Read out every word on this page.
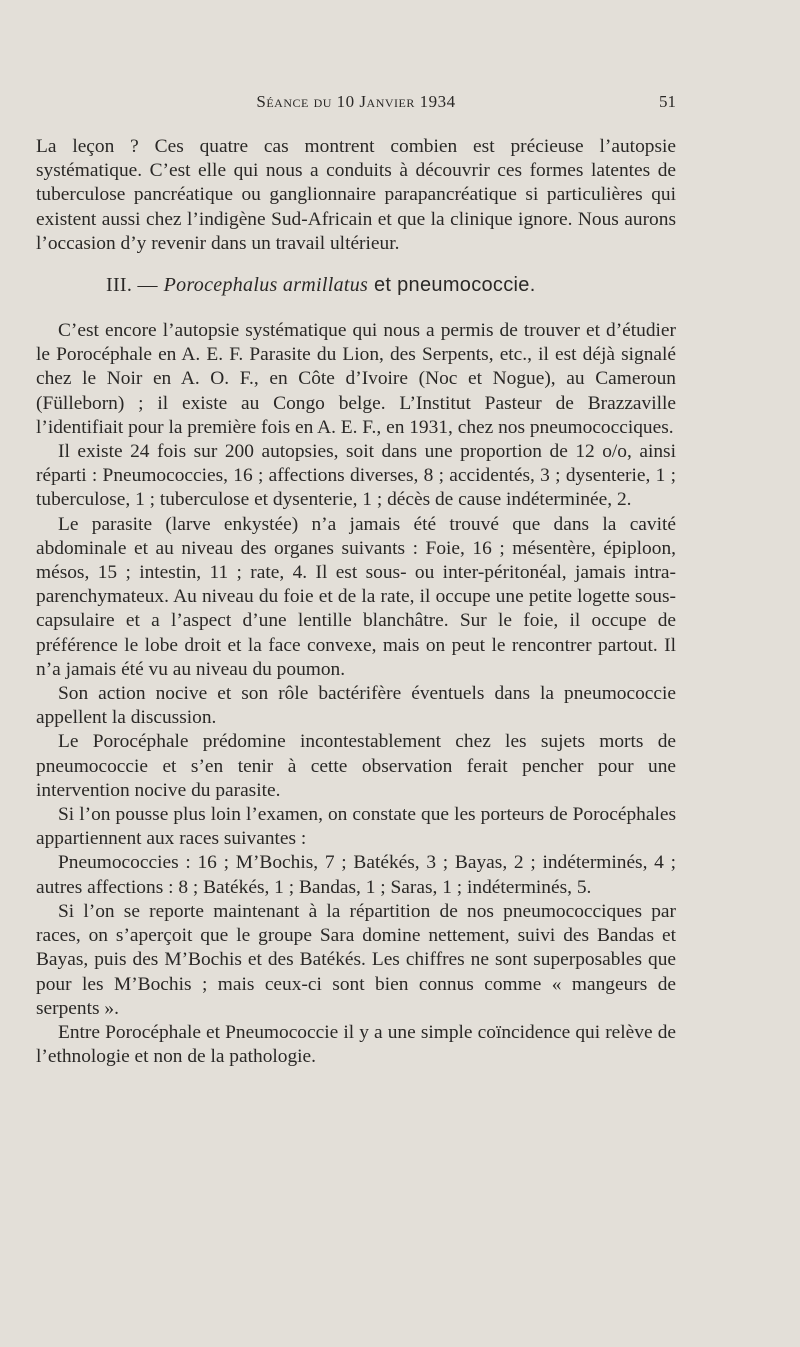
Séance du 10 Janvier 1934	51

La leçon ? Ces quatre cas montrent combien est précieuse l’autopsie systématique. C’est elle qui nous a conduits à découvrir ces formes latentes de tuberculose pancréatique ou ganglionnaire parapancréatique si particulières qui existent aussi chez l’indigène Sud-Africain et que la clinique ignore. Nous aurons l’occasion d’y revenir dans un travail ultérieur.

III. — Porocephalus armillatus et pneumococcie.

C’est encore l’autopsie systématique qui nous a permis de trouver et d’étudier le Porocéphale en A. E. F. Parasite du Lion, des Serpents, etc., il est déjà signalé chez le Noir en A. O. F., en Côte d’Ivoire (Noc et Nogue), au Cameroun (Fülleborn) ; il existe au Congo belge. L’Institut Pasteur de Brazzaville l’identifiait pour la première fois en A. E. F., en 1931, chez nos pneumococciques.

Il existe 24 fois sur 200 autopsies, soit dans une proportion de 12 o/o, ainsi réparti : Pneumococcies, 16 ; affections diverses, 8 ; accidentés, 3 ; dysenterie, 1 ; tuberculose, 1 ; tuberculose et dysenterie, 1 ; décès de cause indéterminée, 2.

Le parasite (larve enkystée) n’a jamais été trouvé que dans la cavité abdominale et au niveau des organes suivants : Foie, 16 ; mésentère, épiploon, mésos, 15 ; intestin, 11 ; rate, 4. Il est sous- ou inter-péritonéal, jamais intra-parenchymateux. Au niveau du foie et de la rate, il occupe une petite logette sous-capsulaire et a l’aspect d’une lentille blanchâtre. Sur le foie, il occupe de préférence le lobe droit et la face convexe, mais on peut le rencontrer partout. Il n’a jamais été vu au niveau du poumon.

Son action nocive et son rôle bactérifère éventuels dans la pneumococcie appellent la discussion.

Le Porocéphale prédomine incontestablement chez les sujets morts de pneumococcie et s’en tenir à cette observation ferait pencher pour une intervention nocive du parasite.

Si l’on pousse plus loin l’examen, on constate que les porteurs de Porocéphales appartiennent aux races suivantes :

Pneumococcies : 16 ; M’Bochis, 7 ; Batékés, 3 ; Bayas, 2 ; indéterminés, 4 ; autres affections : 8 ; Batékés, 1 ; Bandas, 1 ; Saras, 1 ; indéterminés, 5.

Si l’on se reporte maintenant à la répartition de nos pneumococciques par races, on s’aperçoit que le groupe Sara domine nettement, suivi des Bandas et Bayas, puis des M’Bochis et des Batékés. Les chiffres ne sont superposables que pour les M’Bochis ; mais ceux-ci sont bien connus comme « mangeurs de serpents ».

Entre Porocéphale et Pneumococcie il y a une simple coïncidence qui relève de l’ethnologie et non de la pathologie.
